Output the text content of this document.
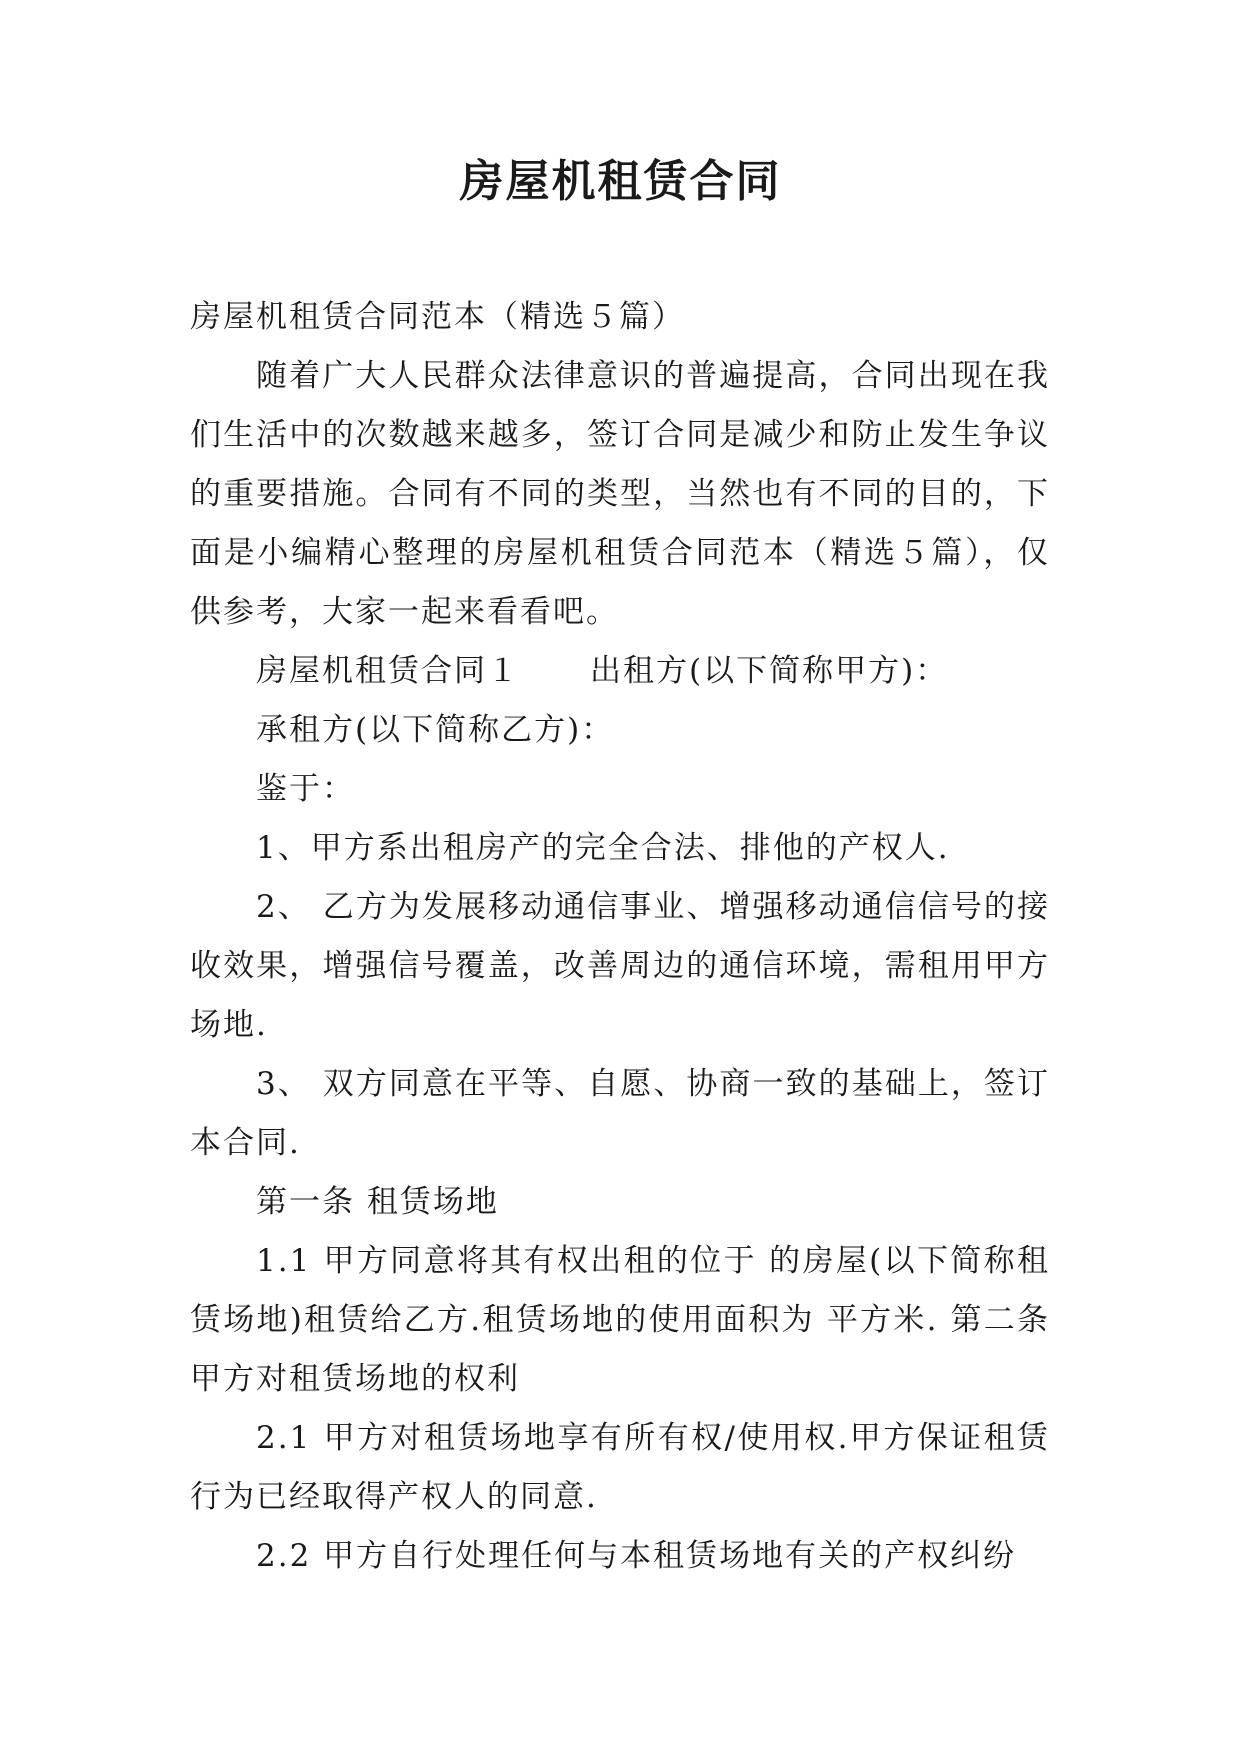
房屋机租赁合同

房屋机租赁合同范本（精选５篇）

随着广大人民群众法律意识的普遍提高，合同出现在我们生活中的次数越来越多，签订合同是减少和防止发生争议的重要措施。合同有不同的类型，当然也有不同的目的，下面是小编精心整理的房屋机租赁合同范本（精选５篇），仅供参考，大家一起来看看吧。

房屋机租赁合同１ 出租方(以下简称甲方)：

承租方(以下简称乙方)：

鉴于：

1、甲方系出租房产的完全合法、排他的产权人.

2、 乙方为发展移动通信事业、增强移动通信信号的接收效果，增强信号覆盖，改善周边的通信环境，需租用甲方场地.

3、 双方同意在平等、自愿、协商一致的基础上，签订本合同.

第一条 租赁场地

1.1 甲方同意将其有权出租的位于 的房屋(以下简称租赁场地)租赁给乙方.租赁场地的使用面积为 平方米. 第二条 甲方对租赁场地的权利

2.1 甲方对租赁场地享有所有权/使用权.甲方保证租赁行为已经取得产权人的同意.

2.2 甲方自行处理任何与本租赁场地有关的产权纠纷
